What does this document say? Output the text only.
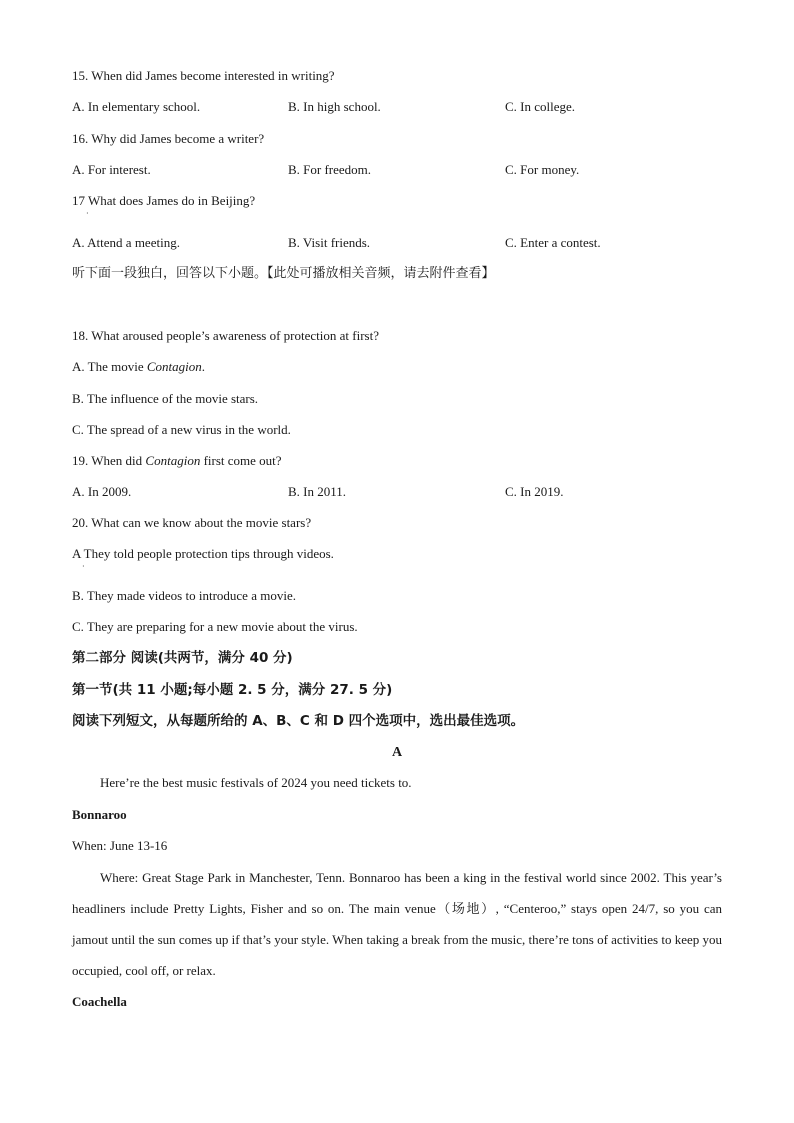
15. When did James become interested in writing?
A. In elementary school.	B. In high school.	C. In college.
16. Why did James become a writer?
A. For interest.	B. For freedom.	C. For money.
17 What does James do in Beijing?
·
A. Attend a meeting.	B. Visit friends.	C. Enter a contest.
听下面一段独白，回答以下小题。【此处可播放相关音频，请去附件查看】
18. What aroused people’s awareness of protection at first?
A. The movie Contagion.
B. The influence of the movie stars.
C. The spread of a new virus in the world.
19. When did Contagion first come out?
A. In 2009.	B. In 2011.	C. In 2019.
20. What can we know about the movie stars?
A They told people protection tips through videos.
·
B. They made videos to introduce a movie.
C. They are preparing for a new movie about the virus.
第二部分 阅读(共两节，满分 40 分)
第一节(共 11 小题;每小题 2. 5 分，满分 27. 5 分)
阅读下列短文，从每题所给的 A、B、C 和 D 四个选项中，选出最佳选项。
A
Here’re the best music festivals of 2024 you need tickets to.
Bonnaroo
When: June 13-16
Where: Great Stage Park in Manchester, Tenn. Bonnaroo has been a king in the festival world since 2002. This year’s headliners include Pretty Lights, Fisher and so on. The main venue（场地）, “Centeroo,” stays open 24/7, so you can jamout until the sun comes up if that’s your style. When taking a break from the music, there’re tons of activities to keep you occupied, cool off, or relax.
Coachella
